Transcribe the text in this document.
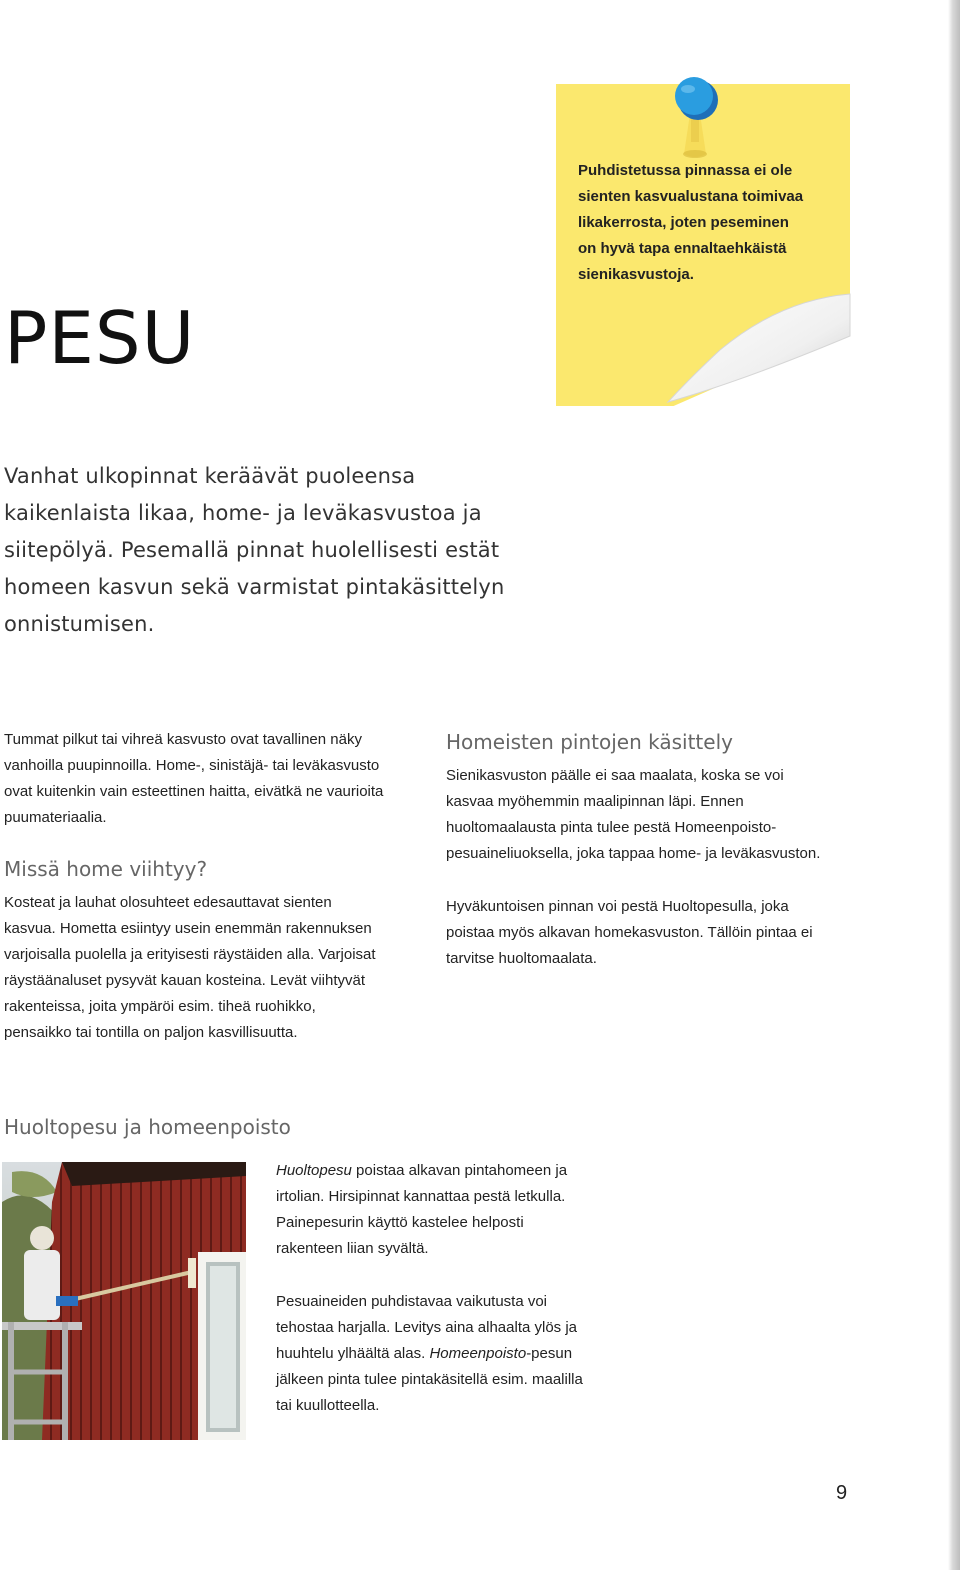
PESU

Puhdistetussa pinnassa ei ole sienten kasvualustana toimivaa likakerrosta, joten peseminen on hyvä tapa ennaltaehkäistä sienikasvustoja.

Vanhat ulkopinnat keräävät puoleensa kaikenlaista likaa, home- ja leväkasvustoa ja siitepölyä. Pesemallä pinnat huolellisesti estät homeen kasvun sekä varmistat pintakäsittelyn onnistumisen.

Tummat pilkut tai vihreä kasvusto ovat tavallinen näky vanhoilla puupinnoilla. Home-, sinistäjä- tai leväkasvusto ovat kuitenkin vain esteettinen haitta, eivätkä ne vaurioita puumateriaalia.

Missä home viihtyy?

Kosteat ja lauhat olosuhteet edesauttavat sienten kasvua. Hometta esiintyy usein enemmän rakennuksen varjoisalla puolella ja erityisesti räystäiden alla. Varjoisat räystäänaluset pysyvät kauan kosteina. Levät viihtyvät rakenteissa, joita ympäröi esim. tiheä ruohikko, pensaikko tai tontilla on paljon kasvillisuutta.

Homeisten pintojen käsittely

Sienikasvuston päälle ei saa maalata, koska se voi kasvaa myöhemmin maalipinnan läpi. Ennen huoltomaalausta pinta tulee pestä Homeenpoisto-pesuaineliuoksella, joka tappaa home- ja leväkasvuston.

Hyväkuntoisen pinnan voi pestä Huoltopesulla, joka poistaa myös alkavan homekasvuston. Tällöin pintaa ei tarvitse huoltomaalata.

Huoltopesu ja homeenpoisto

Huoltopesu poistaa alkavan pintahomeen ja irtolian. Hirsipinnat kannattaa pestä letkulla. Painepesurin käyttö kastelee helposti rakenteen liian syvältä.

Pesuaineiden puhdistavaa vaikutusta voi tehostaa harjalla. Levitys aina alhaalta ylös ja huuhtelu ylhäältä alas. Homeenpoisto-pesun jälkeen pinta tulee pintakäsitellä esim. maalilla tai kuullotteella.

9
